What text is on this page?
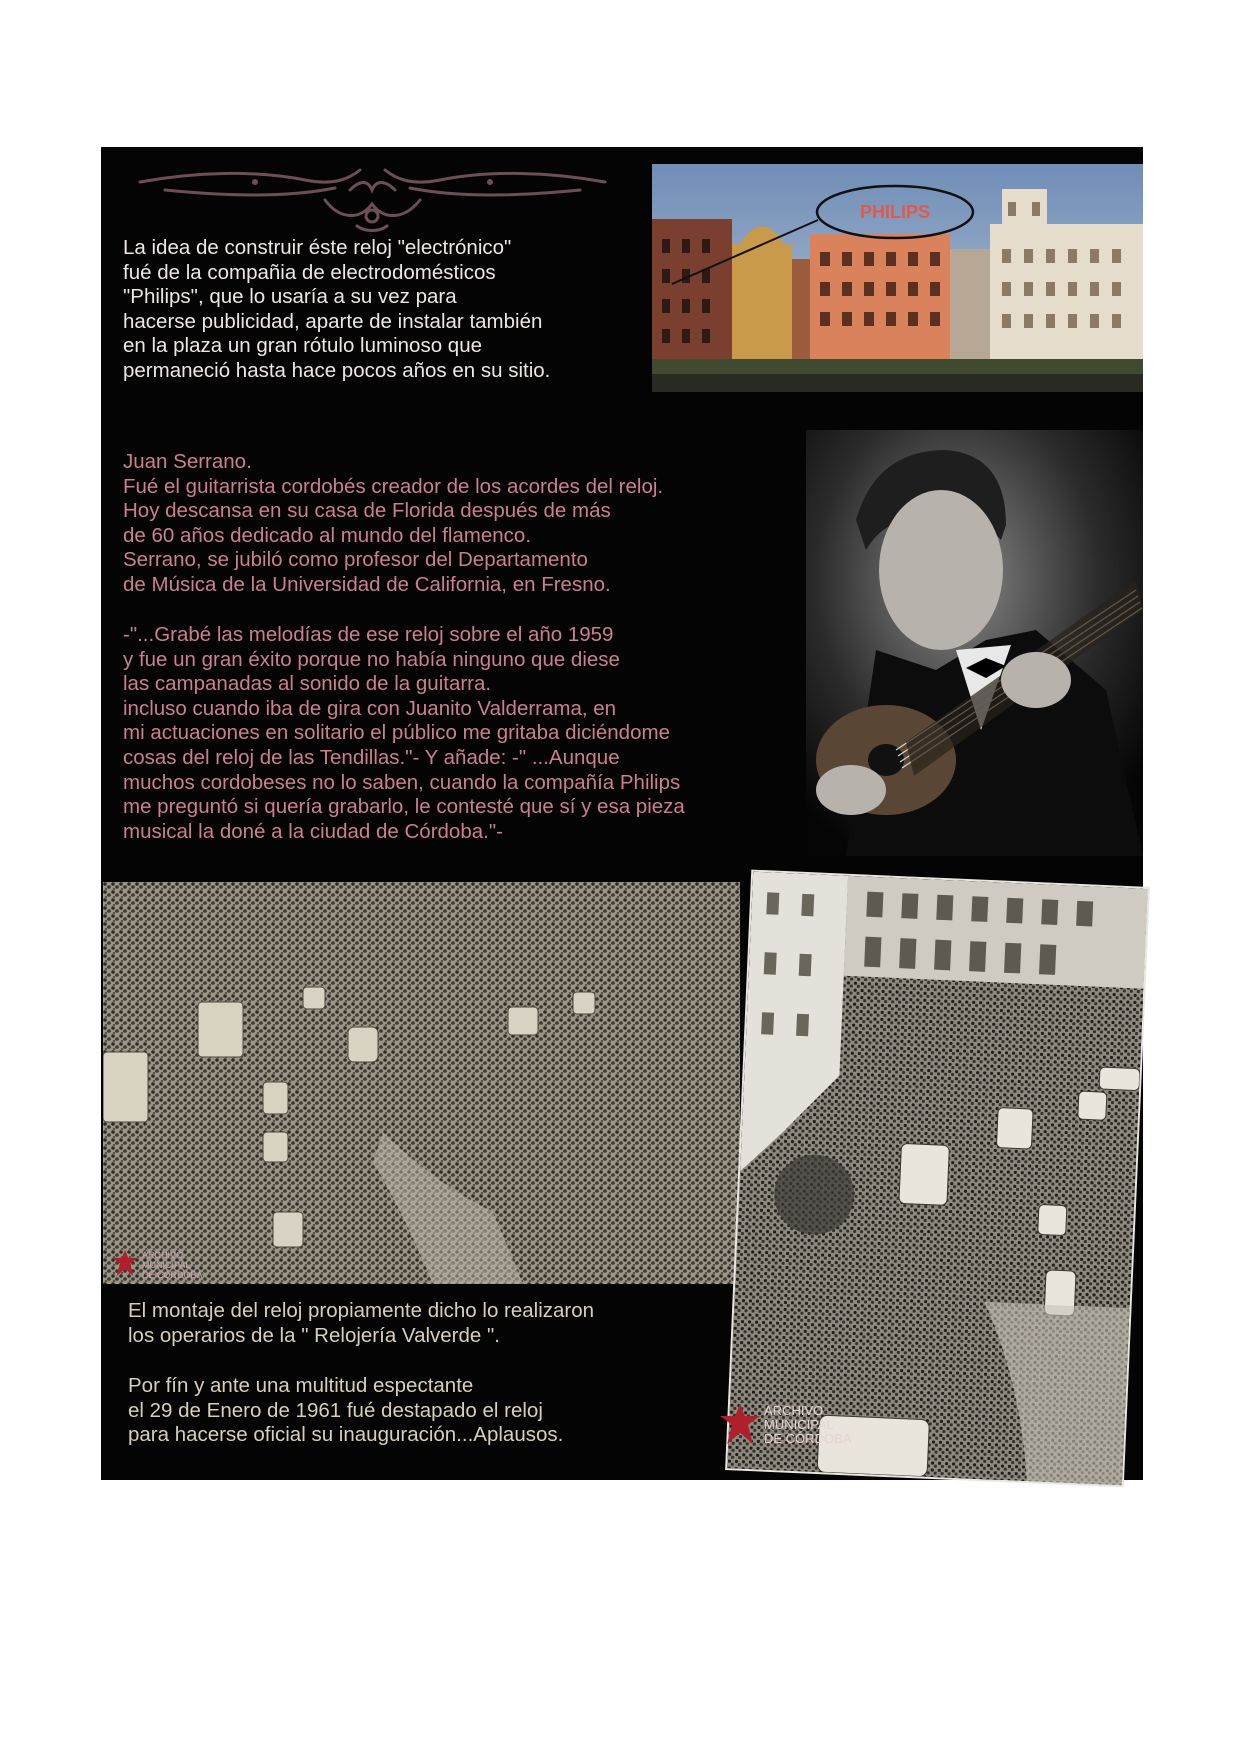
La idea de construir éste reloj "electrónico"
fué de la compañia de electrodomésticos
"Philips", que lo usaría a su vez para
hacerse publicidad, aparte de instalar también
en la plaza un gran rótulo luminoso que
permaneció hasta hace pocos años en su sitio.
PHILIPS
Juan Serrano.
Fué el guitarrista cordobés creador de los acordes del reloj.
Hoy descansa en su casa de Florida después de más
de 60 años dedicado al mundo del flamenco.
Serrano, se jubiló como profesor del Departamento
de Música de la Universidad de California, en Fresno.
-"...Grabé las melodías de ese reloj sobre el año 1959
y fue un gran éxito porque no había ninguno que diese
las campanadas al sonido de la guitarra.
incluso cuando iba de gira con Juanito Valderrama, en
mi actuaciones en solitario el público me gritaba diciéndome
cosas del reloj de las Tendillas."- Y añade: -" ...Aunque
muchos cordobeses no lo saben, cuando la compañía Philips
me preguntó si quería grabarlo, le contesté que sí y esa pieza
musical la doné a la ciudad de Córdoba."-

ARCHIVO
MUNICIPAL
DE CÓRDOBA

ARCHIVO
MUNICIPAL
DE CÓRDOBA

El montaje del reloj propiamente dicho lo realizaron
los operarios de la " Relojería Valverde ".
Por fín y ante una multitud espectante
el 29 de Enero de 1961 fué destapado el reloj
para hacerse oficial su inauguración...Aplausos.
